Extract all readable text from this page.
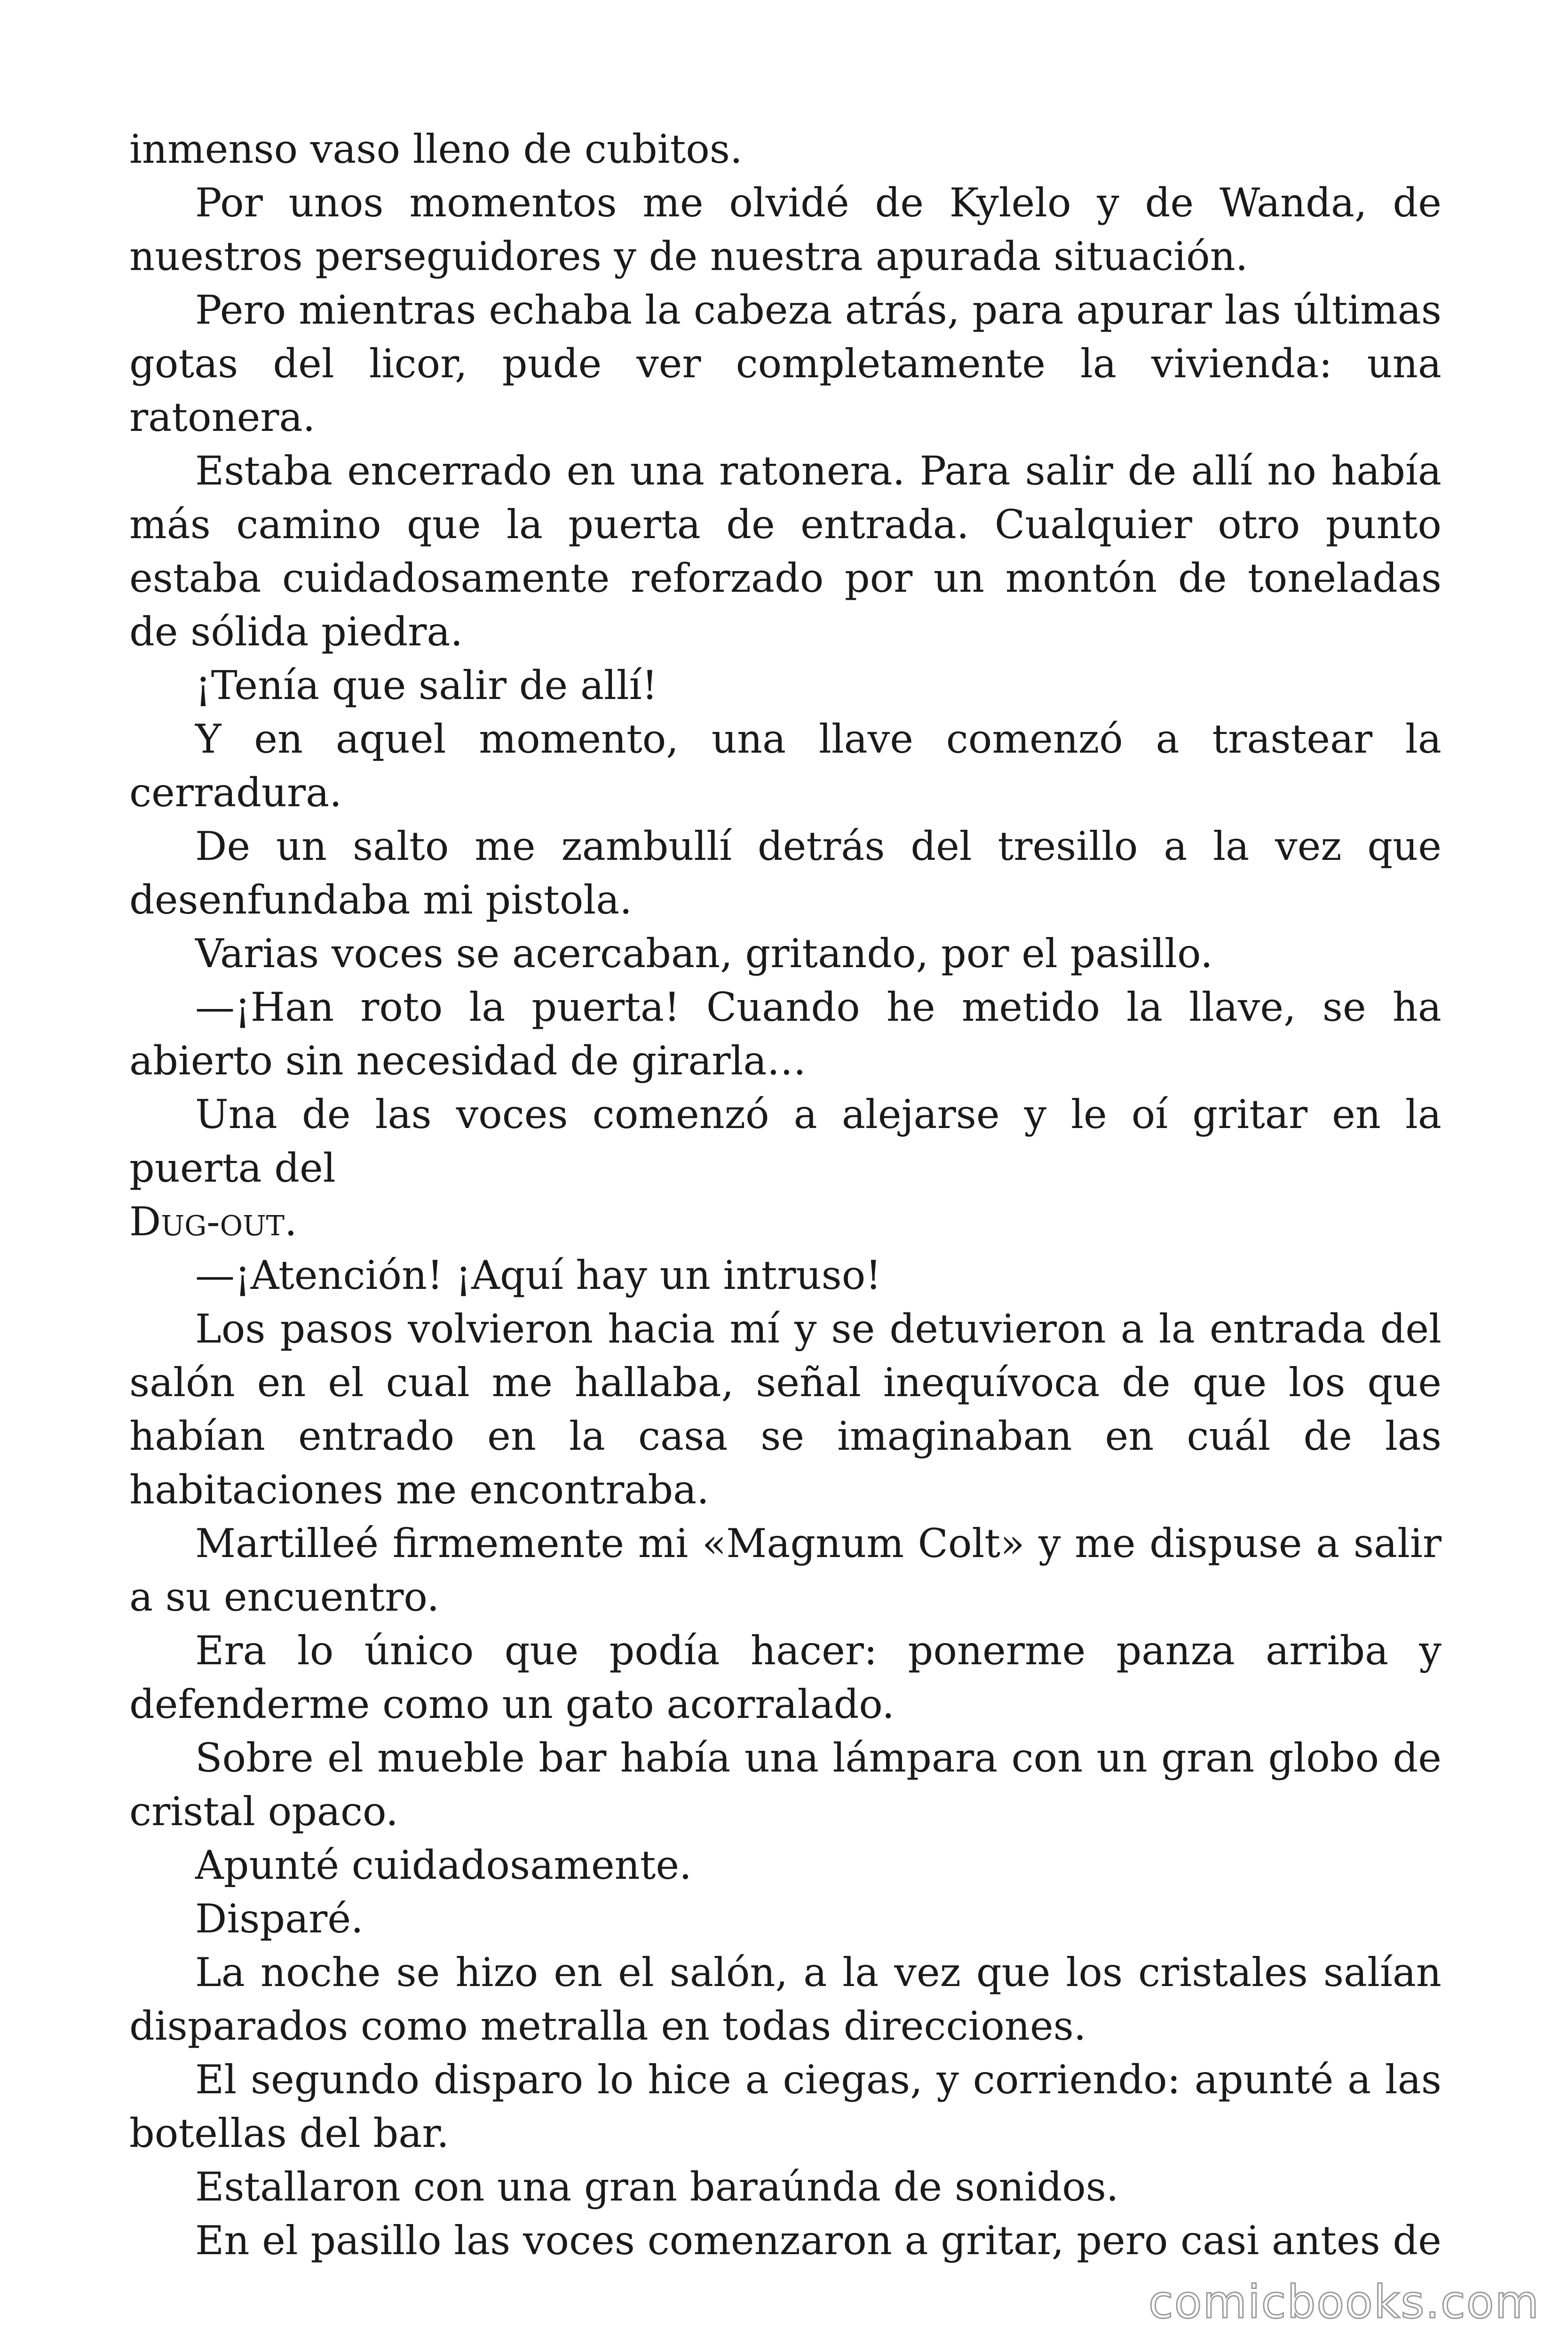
inmenso vaso lleno de cubitos.

Por unos momentos me olvidé de Kylelo y de Wanda, de nuestros perseguidores y de nuestra apurada situación.

Pero mientras echaba la cabeza atrás, para apurar las últimas gotas del licor, pude ver completamente la vivienda: una ratonera.

Estaba encerrado en una ratonera. Para salir de allí no había más camino que la puerta de entrada. Cualquier otro punto estaba cuidadosamente reforzado por un montón de toneladas de sólida piedra.

¡Tenía que salir de allí!

Y en aquel momento, una llave comenzó a trastear la cerradura.

De un salto me zambullí detrás del tresillo a la vez que desenfundaba mi pistola.

Varias voces se acercaban, gritando, por el pasillo.

—¡Han roto la puerta! Cuando he metido la llave, se ha abierto sin necesidad de girarla…

Una de las voces comenzó a alejarse y le oí gritar en la puerta del

Dug-out.

—¡Atención! ¡Aquí hay un intruso!

Los pasos volvieron hacia mí y se detuvieron a la entrada del salón en el cual me hallaba, señal inequívoca de que los que habían entrado en la casa se imaginaban en cuál de las habitaciones me encontraba.

Martilleé firmemente mi «Magnum Colt» y me dispuse a salir a su encuentro.

Era lo único que podía hacer: ponerme panza arriba y defenderme como un gato acorralado.

Sobre el mueble bar había una lámpara con un gran globo de cristal opaco.

Apunté cuidadosamente.

Disparé.

La noche se hizo en el salón, a la vez que los cristales salían disparados como metralla en todas direcciones.

El segundo disparo lo hice a ciegas, y corriendo: apunté a las botellas del bar.

Estallaron con una gran baraúnda de sonidos.

En el pasillo las voces comenzaron a gritar, pero casi antes de

comicbooks.com
